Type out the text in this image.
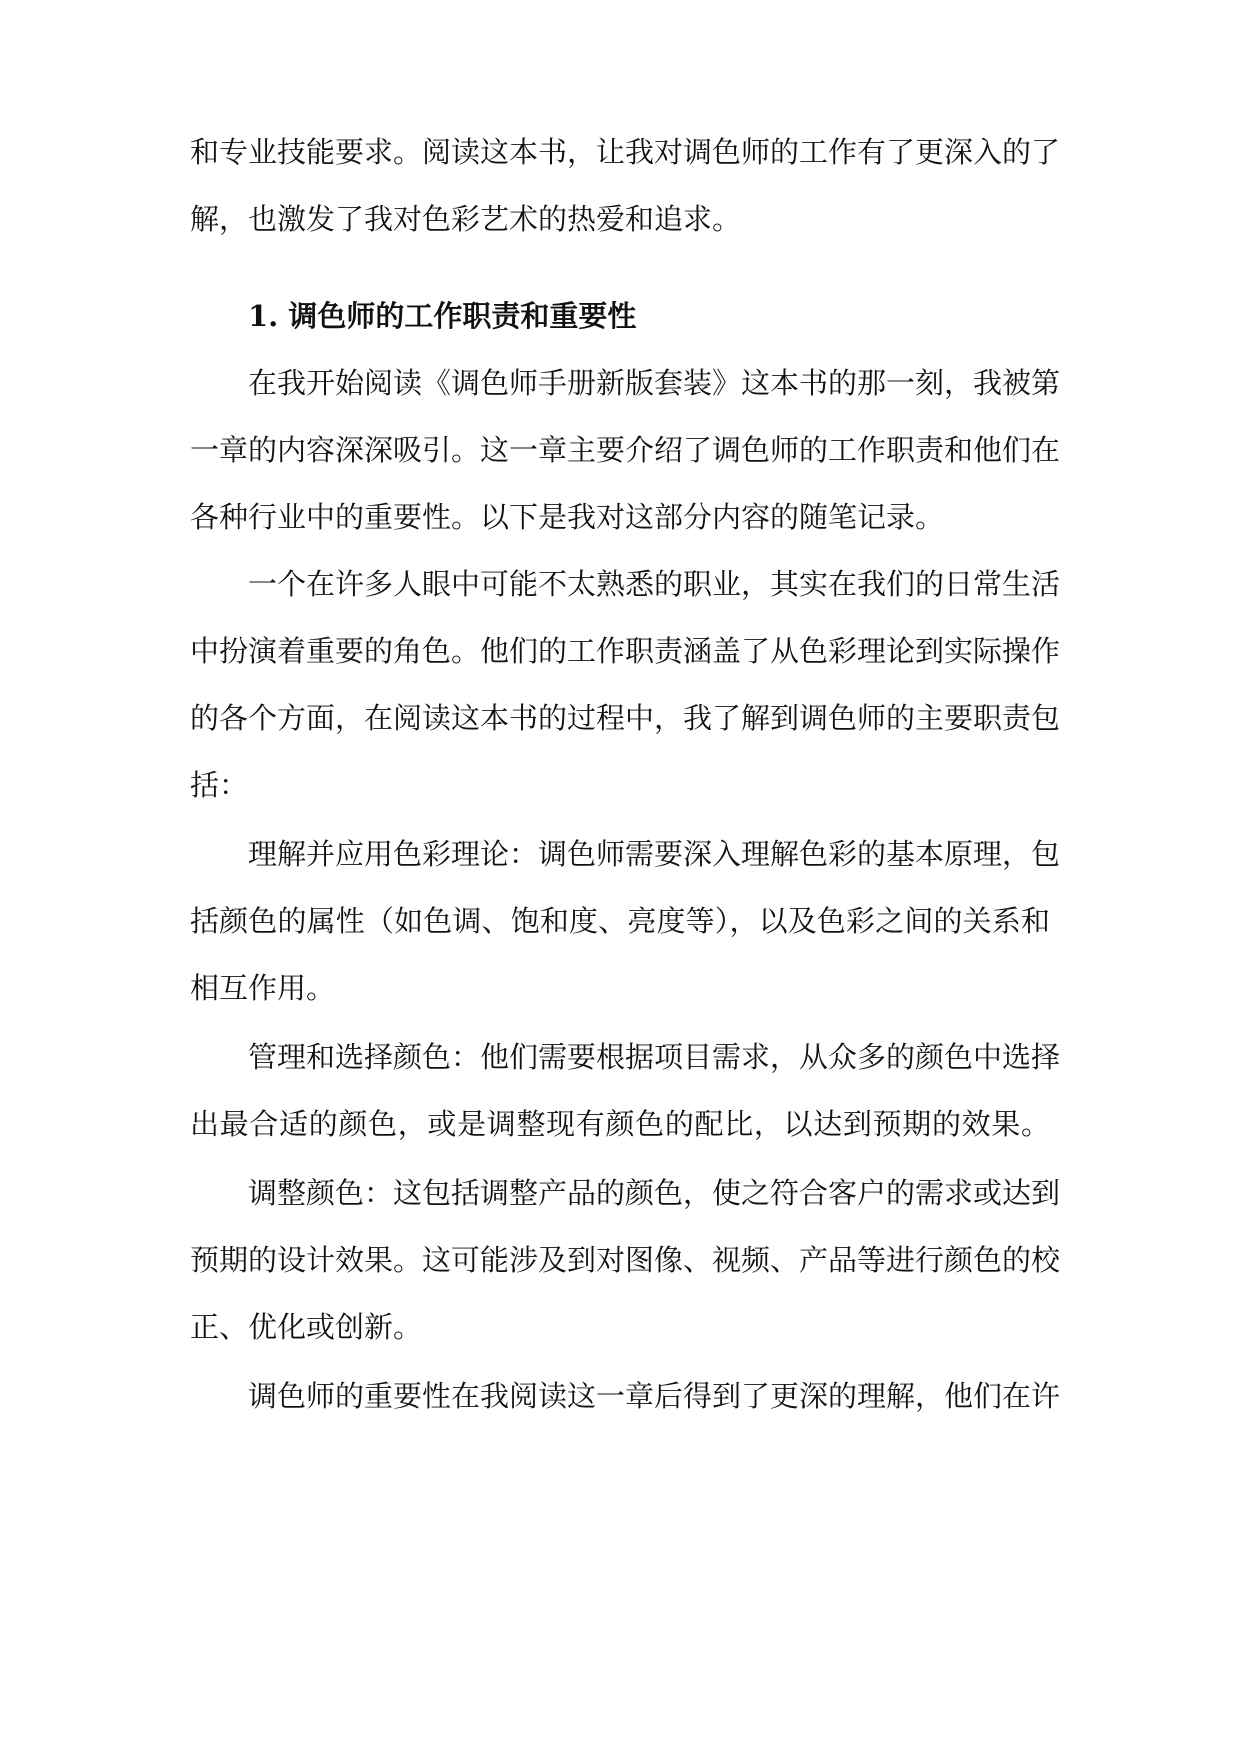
和专业技能要求。阅读这本书，让我对调色师的工作有了更深入的了
解，也激发了我对色彩艺术的热爱和追求。
1. 调色师的工作职责和重要性
在我开始阅读《调色师手册新版套装》这本书的那一刻，我被第
一章的内容深深吸引。这一章主要介绍了调色师的工作职责和他们在
各种行业中的重要性。以下是我对这部分内容的随笔记录。
一个在许多人眼中可能不太熟悉的职业，其实在我们的日常生活
中扮演着重要的角色。他们的工作职责涵盖了从色彩理论到实际操作
的各个方面，在阅读这本书的过程中，我了解到调色师的主要职责包
括：
理解并应用色彩理论：调色师需要深入理解色彩的基本原理，包
括颜色的属性（如色调、饱和度、亮度等），以及色彩之间的关系和
相互作用。
管理和选择颜色：他们需要根据项目需求，从众多的颜色中选择
出最合适的颜色，或是调整现有颜色的配比，以达到预期的效果。
调整颜色：这包括调整产品的颜色，使之符合客户的需求或达到
预期的设计效果。这可能涉及到对图像、视频、产品等进行颜色的校
正、优化或创新。
调色师的重要性在我阅读这一章后得到了更深的理解，他们在许
